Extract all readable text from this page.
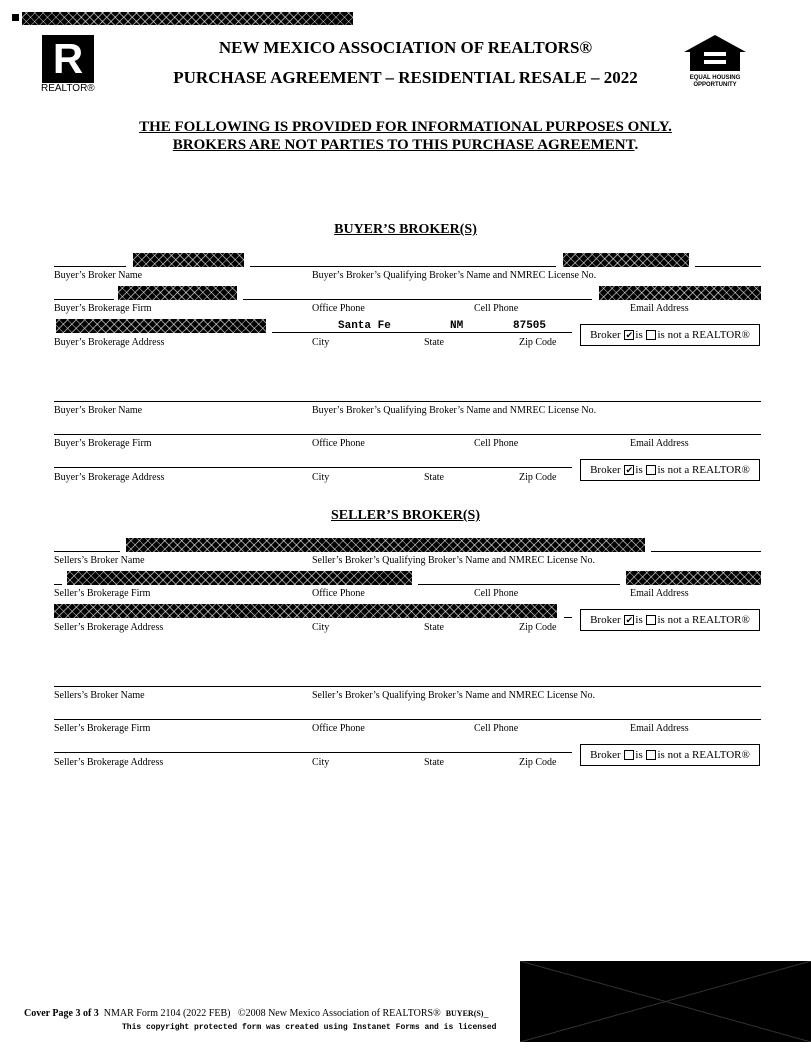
R
REALTOR®
NEW MEXICO ASSOCIATION OF REALTORS®
PURCHASE AGREEMENT – RESIDENTIAL RESALE – 2022	EQUAL HOUSING
OPPORTUNITY
THE FOLLOWING IS PROVIDED FOR INFORMATIONAL PURPOSES ONLY.
BROKERS ARE NOT PARTIES TO THIS PURCHASE AGREEMENT.
BUYER’S BROKER(S)
Buyer’s Broker Name	Buyer’s Broker’s Qualifying Broker’s Name and NMREC License No.
Buyer’s Brokerage Firm	Office Phone	Cell Phone	Email Address
Santa Fe	NM	87505
Buyer’s Brokerage Address	City	State	Zip Code
Broker
✔ is
is not a REALTOR®
Buyer’s Broker Name	Buyer’s Broker’s Qualifying Broker’s Name and NMREC License No.
Buyer’s Brokerage Firm	Office Phone	Cell Phone	Email Address
Buyer’s Brokerage Address	City	State	Zip Code
Broker
✔ is
is not a REALTOR®
SELLER’S BROKER(S)
Sellers’s Broker Name	Seller’s Broker’s Qualifying Broker’s Name and NMREC License No.
Seller’s Brokerage Firm	Office Phone	Cell Phone	Email Address
Seller’s Brokerage Address	City	State	Zip Code
Broker
✔ is
is not a REALTOR®
Sellers’s Broker Name	Seller’s Broker’s Qualifying Broker’s Name and NMREC License No.
Seller’s Brokerage Firm	Office Phone	Cell Phone	Email Address
Seller’s Brokerage Address	City	State	Zip Code
Broker
is
is not a REALTOR®
Cover Page 3 of 3 NMAR Form 2104 (2022 FEB) ©2008 New Mexico Association of REALTORS® BUYER(S)_
This copyright protected form was created using Instanet Forms and is licensed
